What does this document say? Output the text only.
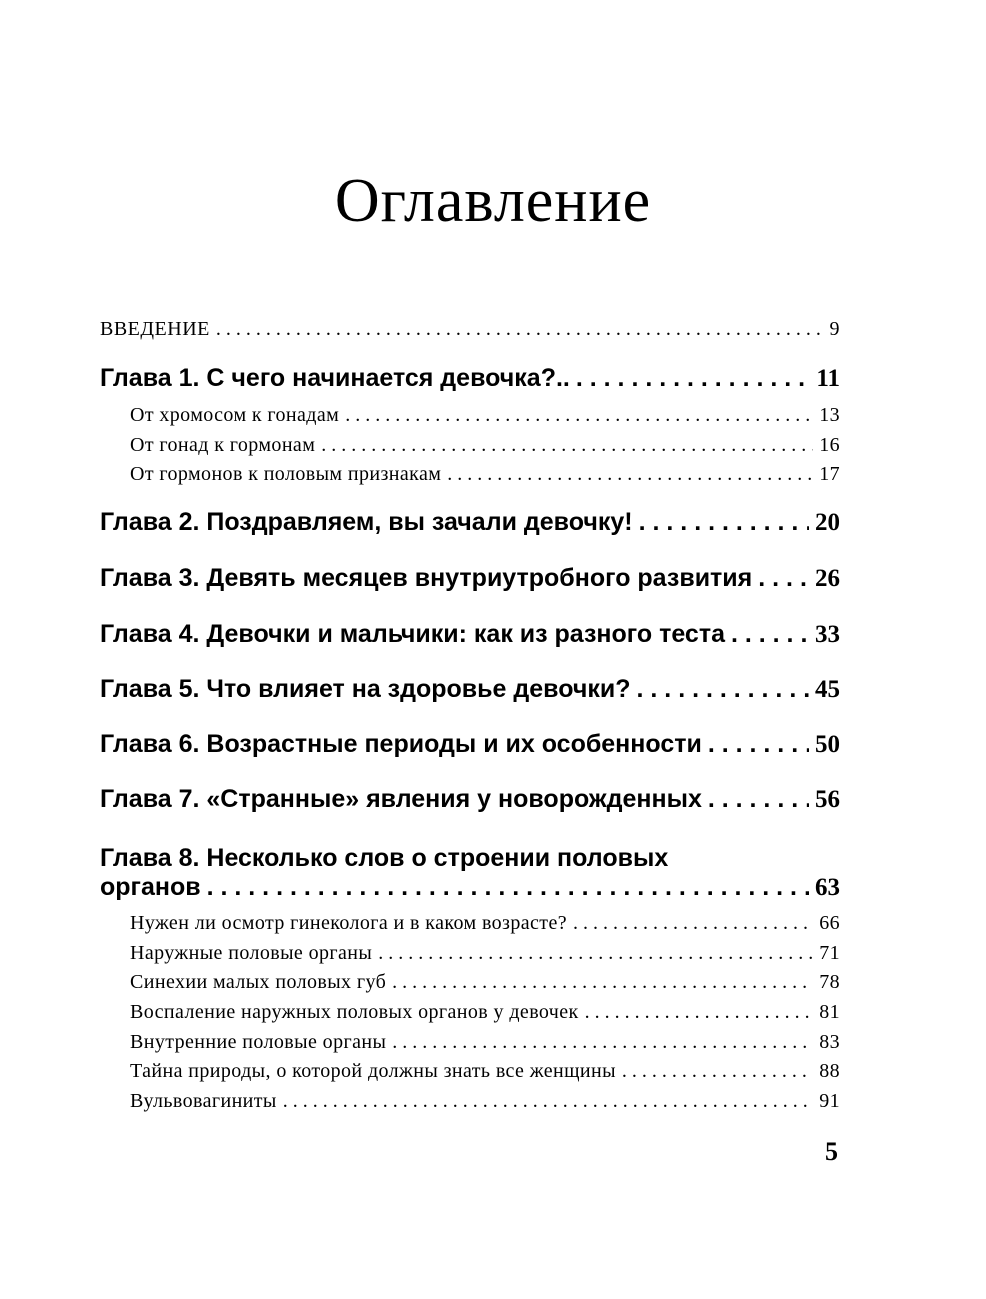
Оглавление
ВВЕДЕНИЕ . . .	9
Глава 1. С чего начинается девочка?.. . . .	11
От хромосом к гонадам . . .	13
От гонад к гормонам . . .	16
От гормонов к половым признакам . . .	17
Глава 2. Поздравляем, вы зачали девочку! . . .	20
Глава 3. Девять месяцев внутриутробного развития . . .	26
Глава 4. Девочки и мальчики: как из разного теста . . .	33
Глава 5. Что влияет на здоровье девочки? . . .	45
Глава 6. Возрастные периоды и их особенности . . .	50
Глава 7. «Странные» явления у новорожденных . . .	56
Глава 8. Несколько слов о строении половых
органов . . .	63
Нужен ли осмотр гинеколога и в каком возрасте? . . .	66
Наружные половые органы . . .	71
Синехии малых половых губ . . .	78
Воспаление наружных половых органов у девочек . . .	81
Внутренние половые органы . . .	83
Тайна природы, о которой должны знать все женщины . . .	88
Вульвовагиниты . . .	91
5
